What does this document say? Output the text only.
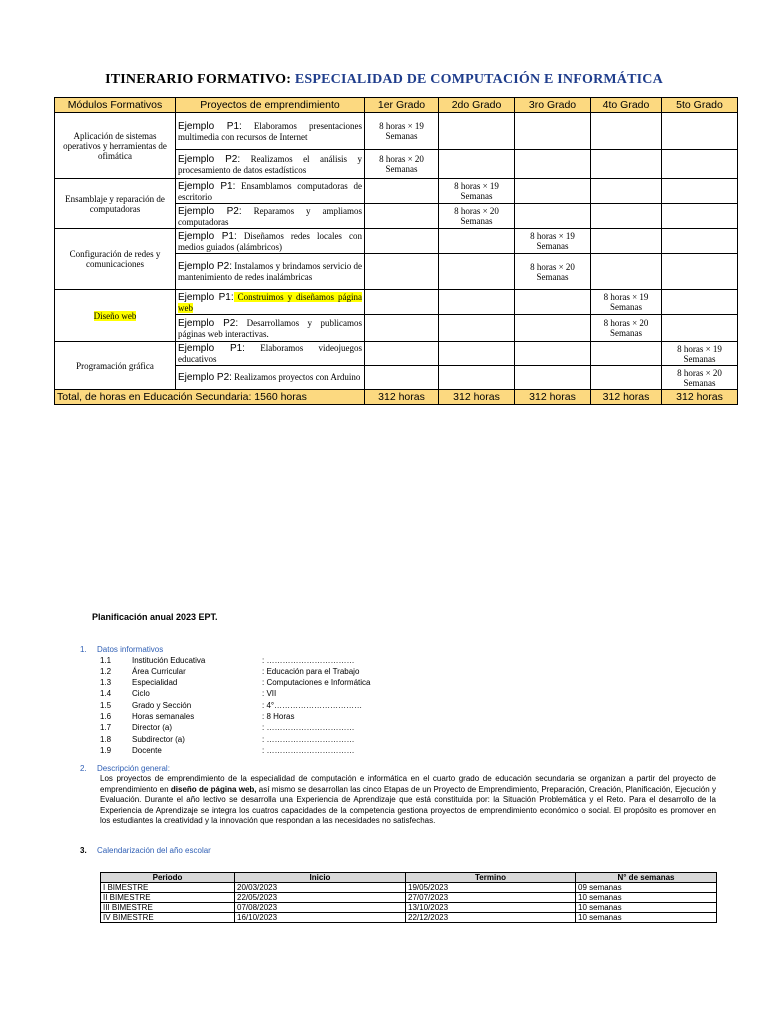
ITINERARIO FORMATIVO: ESPECIALIDAD DE COMPUTACIÓN E INFORMÁTICA
Módulos Formativos	Proyectos de emprendimiento	1er Grado	2do Grado	3ro Grado	4to Grado	5to Grado
Aplicación de sistemas operativos y herramientas de ofimática	Ejemplo P1: Elaboramos presentaciones multimedia con recursos de Internet	8 horas × 19 Semanas				
	Ejemplo P2: Realizamos el análisis y procesamiento de datos estadísticos	8 horas × 20 Semanas				
Ensamblaje y reparación de computadoras	Ejemplo P1: Ensamblamos computadoras de escritorio		8 horas × 19 Semanas			
	Ejemplo P2: Reparamos y ampliamos computadoras		8 horas × 20 Semanas			
Configuración de redes y comunicaciones	Ejemplo P1: Diseñamos redes locales con medios guiados (alámbricos)			8 horas × 19 Semanas		
	Ejemplo P2: Instalamos y brindamos servicio de mantenimiento de redes inalámbricas			8 horas × 20 Semanas		
Diseño web	Ejemplo P1: Construimos y diseñamos página web				8 horas × 19 Semanas	
	Ejemplo P2: Desarrollamos y publicamos páginas web interactivas.				8 horas × 20 Semanas	
Programación gráfica	Ejemplo P1: Elaboramos videojuegos educativos					8 horas × 19 Semanas
	Ejemplo P2: Realizamos proyectos con Arduino					8 horas × 20 Semanas
Total, de horas en Educación Secundaria: 1560 horas		312 horas	312 horas	312 horas	312 horas	312 horas
Planificación anual 2023 EPT.
1. Datos informativos
1.1	Institución Educativa	: ……………………………
1.2	Área Curricular	: Educación para el Trabajo
1.3	Especialidad	: Computaciones e Informática
1.4	Ciclo	: VII
1.5	Grado y Sección	: 4°……………………………
1.6	Horas semanales	: 8 Horas
1.7	Director (a)	: ……………………………
1.8	Subdirector (a)	: ……………………………
1.9	Docente	: ……………………………
2. Descripción general:
Los proyectos de emprendimiento de la especialidad de computación e informática en el cuarto grado de educación secundaria se organizan a partir del proyecto de emprendimiento en diseño de página web, así mismo se desarrollan las cinco Etapas de un Proyecto de Emprendimiento, Preparación, Creación, Planificación, Ejecución y Evaluación. Durante el año lectivo se desarrolla una Experiencia de Aprendizaje que está constituida por: la Situación Problemática y el Reto. Para el desarrollo de la Experiencia de Aprendizaje se integra los cuatros capacidades de la competencia gestiona proyectos de emprendimiento económico o social. El propósito es promover en los estudiantes la creatividad y la innovación que respondan a las necesidades no satisfechas.
3. Calendarización del año escolar
Periodo	Inicio	Termino	N° de semanas
I BIMESTRE	20/03/2023	19/05/2023	09 semanas
II BIMESTRE	22/05/2023	27/07/2023	10 semanas
III BIMESTRE	07/08/2023	13/10/2023	10 semanas
IV BIMESTRE	16/10/2023	22/12/2023	10 semanas
